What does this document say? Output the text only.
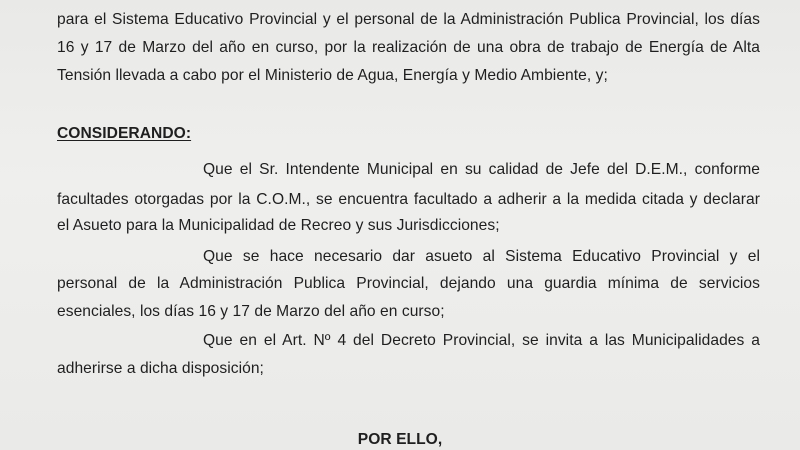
para el Sistema Educativo Provincial y el personal de la Administración Publica Provincial, los días
16 y 17 de Marzo del año en curso, por la realización de una obra de trabajo de Energía de Alta
Tensión llevada a cabo por el Ministerio de Agua, Energía y Medio Ambiente, y;
CONSIDERANDO:
Que el Sr. Intendente Municipal en su calidad de Jefe del D.E.M., conforme
facultades otorgadas por la C.O.M., se encuentra facultado a adherir a la medida citada y declarar
el Asueto para la Municipalidad de Recreo y sus Jurisdicciones;
Que se hace necesario dar asueto al Sistema Educativo Provincial y el
personal de la Administración Publica Provincial, dejando una guardia mínima de servicios
esenciales, los días 16 y 17 de Marzo del año en curso;
Que en el Art. Nº 4 del Decreto Provincial, se invita a las Municipalidades a
adherirse a dicha disposición;
POR ELLO,
